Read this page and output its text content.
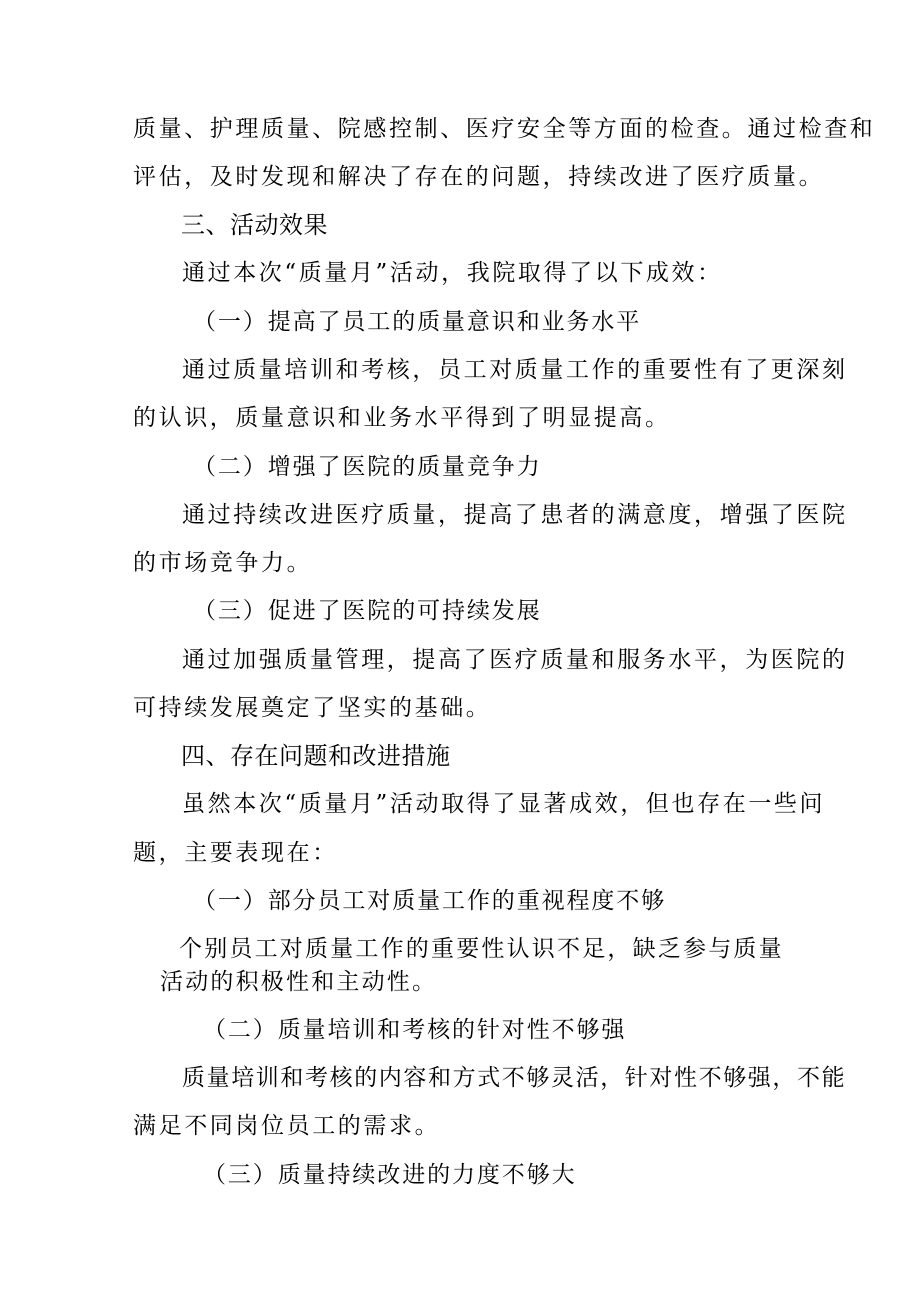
质量、护理质量、院感控制、医疗安全等方面的检查。通过检查和
评估，及时发现和解决了存在的问题，持续改进了医疗质量。
三、活动效果
通过本次“质量月”活动，我院取得了以下成效：
（一）提高了员工的质量意识和业务水平
通过质量培训和考核，员工对质量工作的重要性有了更深刻
的认识，质量意识和业务水平得到了明显提高。
（二）增强了医院的质量竞争力
通过持续改进医疗质量，提高了患者的满意度，增强了医院
的市场竞争力。
（三）促进了医院的可持续发展
通过加强质量管理，提高了医疗质量和服务水平，为医院的
可持续发展奠定了坚实的基础。
四、存在问题和改进措施
虽然本次“质量月”活动取得了显著成效，但也存在一些问
题，主要表现在：
（一）部分员工对质量工作的重视程度不够
个别员工对质量工作的重要性认识不足，缺乏参与质量
活动的积极性和主动性。
（二）质量培训和考核的针对性不够强
质量培训和考核的内容和方式不够灵活，针对性不够强，不能
满足不同岗位员工的需求。
（三）质量持续改进的力度不够大
